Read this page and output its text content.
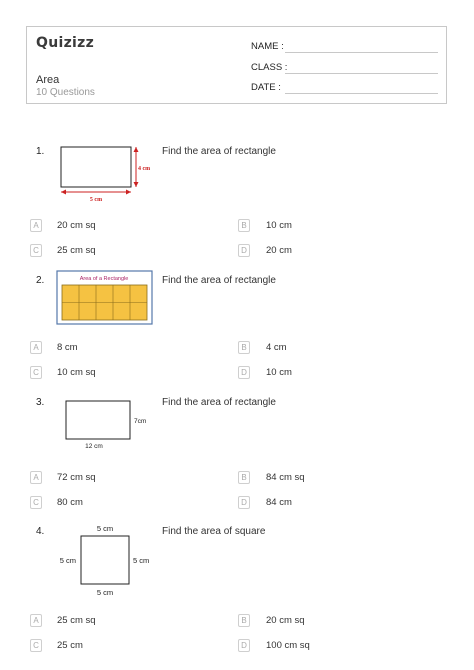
Quizizz
Area
10 Questions
NAME :
CLASS :
DATE :
1.	Find the area of rectangle
5 cm
4 cm
A	20 cm sq	B	10 cm
C	25 cm sq	D	20 cm
2.	Find the area of rectangle
Area of a Rectangle
A	8 cm	B	4 cm
C	10 cm sq	D	10 cm
3.	Find the area of rectangle
12 cm
7cm
A	72 cm sq	B	84 cm sq
C	80 cm	D	84 cm
4.	Find the area of square
5 cm
5 cm	5 cm
5 cm
A	25 cm sq	B	20 cm sq
C	25 cm	D	100 cm sq
